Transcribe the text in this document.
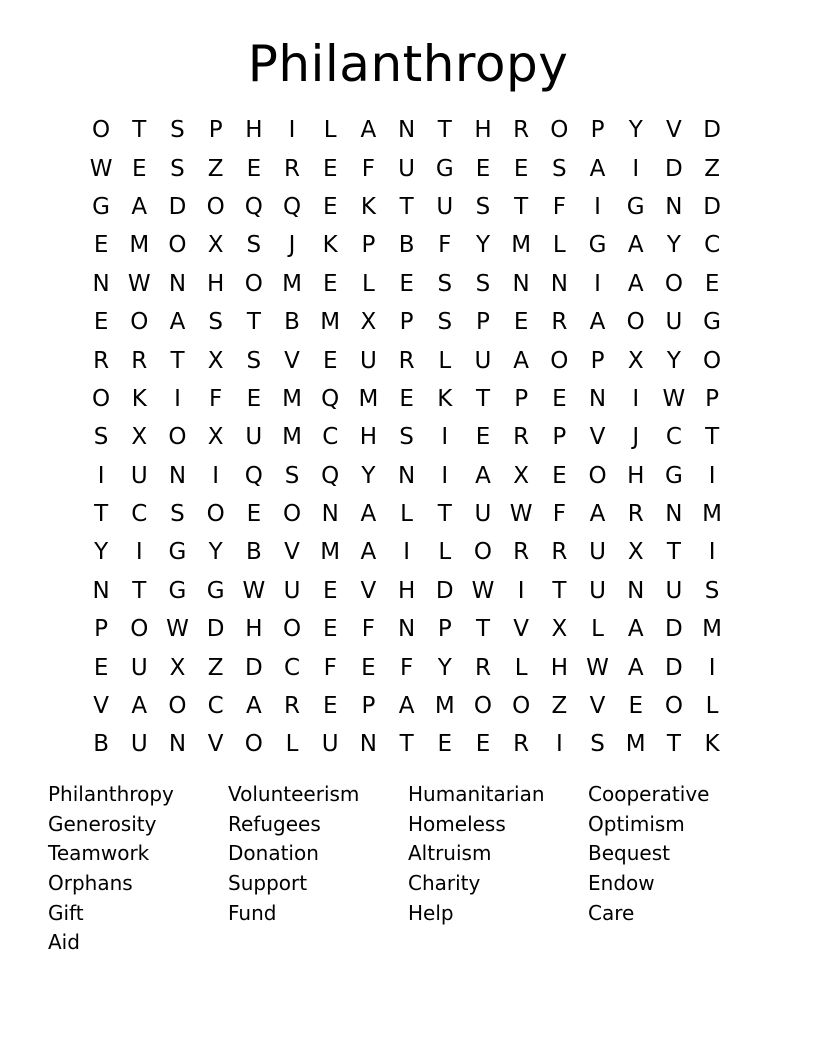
Philanthropy
O T	S	P H	I	L	A N T H R O P	Y	V D
W E	S	Z	E R E	F	U G E	E	S	A	I	D Z
G A D O Q Q E	K	T U S	T	F	I	G N D
E M O X	S	J	K	P	B	F	Y M L G A	Y	C
N W N H O M E	L	E	S	S N N	I	A O E
E O A	S	T	B M X	P	S	P	E R A O U G
R R	T	X	S	V	E U R	L	U A O P	X	Y O
O K	I	F	E M Q M E	K	T	P	E N	I	W P
S	X O X U M C H S	I	E R	P	V	J	C	T
I	U N	I	Q S Q Y N	I	A X	E O H G	I
T	C S O E O N A	L	T U W F	A R N M
Y	I	G Y	B V M A	I	L O R R U X	T	I
N T G G W U E	V H D W	I	T U N U S
P O W D H O E	F N P	T	V X	L	A D M
E U X Z D C	F	E	F	Y	R	L	H W A D	I
V A O C A R E	P	A M O O Z V	E O L
B U N V O L	U N T	E	E R	I	S M T	K
Philanthropy	Volunteerism	Humanitarian	Cooperative
Generosity	Refugees	Homeless	Optimism
Teamwork	Donation	Altruism	Bequest
Orphans	Support	Charity	Endow
Gift	Fund	Help	Care
Aid
